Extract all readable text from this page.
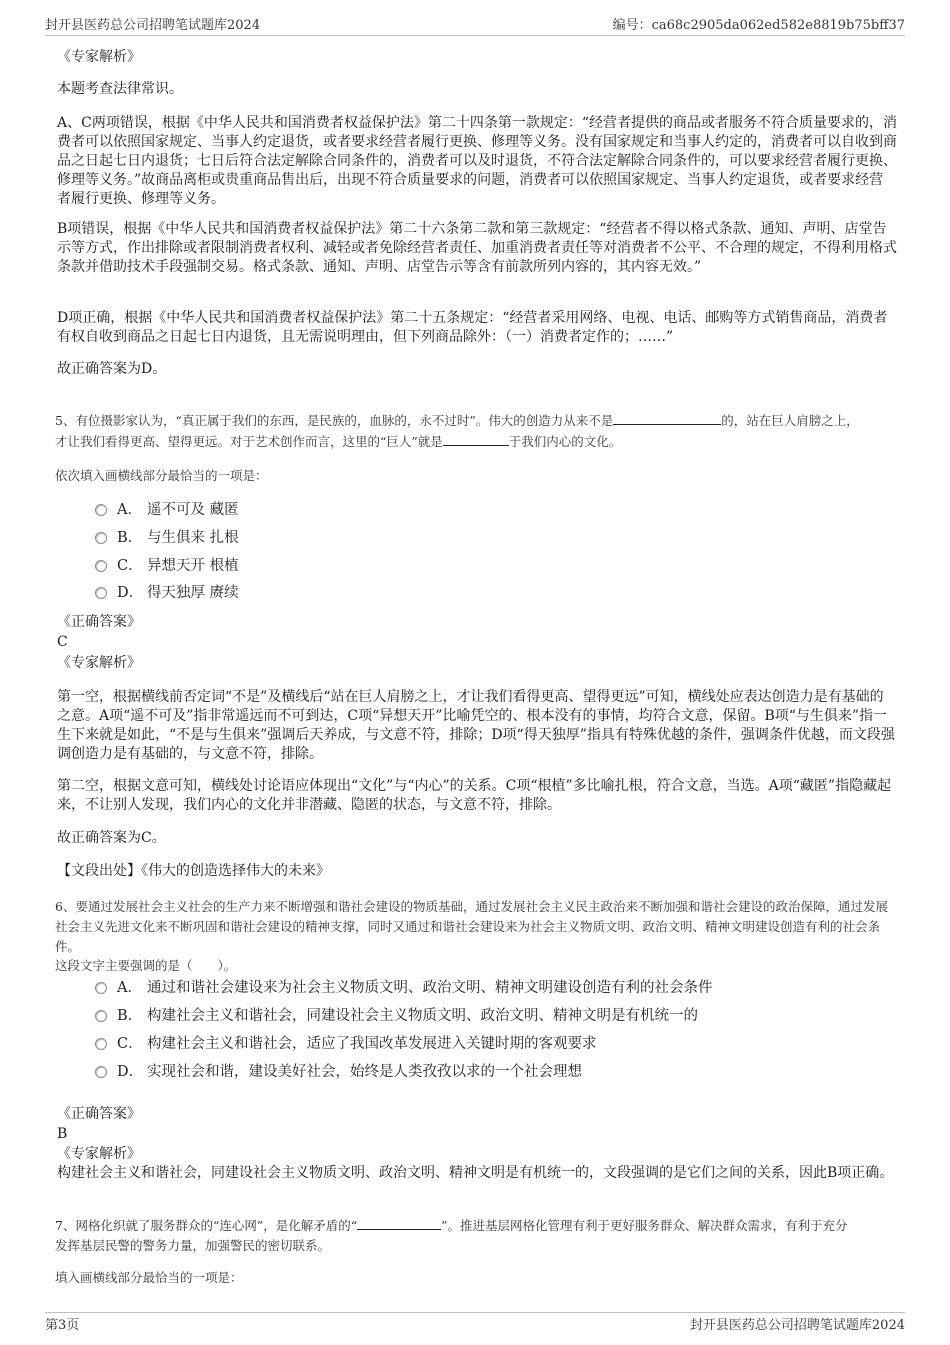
封开县医药总公司招聘笔试题库2024	编号：ca68c2905da062ed582e8819b75bff37
《专家解析》
本题考查法律常识。
A、C两项错误，根据《中华人民共和国消费者权益保护法》第二十四条第一款规定：“经营者提供的商品或者服务不符合质量要求的，消费者可以依照国家规定、当事人约定退货，或者要求经营者履行更换、修理等义务。没有国家规定和当事人约定的，消费者可以自收到商品之日起七日内退货；七日后符合法定解除合同条件的，消费者可以及时退货，不符合法定解除合同条件的，可以要求经营者履行更换、修理等义务。”故商品离柜或贵重商品售出后，出现不符合质量要求的问题，消费者可以依照国家规定、当事人约定退货，或者要求经营者履行更换、修理等义务。
B项错误，根据《中华人民共和国消费者权益保护法》第二十六条第二款和第三款规定：“经营者不得以格式条款、通知、声明、店堂告示等方式，作出排除或者限制消费者权利、减轻或者免除经营者责任、加重消费者责任等对消费者不公平、不合理的规定，不得利用格式条款并借助技术手段强制交易。格式条款、通知、声明、店堂告示等含有前款所列内容的，其内容无效。”
D项正确，根据《中华人民共和国消费者权益保护法》第二十五条规定：“经营者采用网络、电视、电话、邮购等方式销售商品，消费者有权自收到商品之日起七日内退货，且无需说明理由，但下列商品除外：（一）消费者定作的；……”
故正确答案为D。
5、有位摄影家认为，“真正属于我们的东西，是民族的，血脉的，永不过时”。伟大的创造力从来不是	的，站在巨人肩膀之上，
才让我们看得更高、望得更远。对于艺术创作而言，这里的“巨人”就是	于我们内心的文化。
依次填入画横线部分最恰当的一项是：
A． 遥不可及 藏匿
B． 与生俱来 扎根
C． 异想天开 根植
D． 得天独厚 赓续
《正确答案》
C
《专家解析》
第一空，根据横线前否定词“不是”及横线后“站在巨人肩膀之上，才让我们看得更高、望得更远”可知，横线处应表达创造力是有基础的之意。A项“遥不可及”指非常遥远而不可到达，C项“异想天开”比喻凭空的、根本没有的事情，均符合文意，保留。B项“与生俱来”指一生下来就是如此，“不是与生俱来”强调后天养成，与文意不符，排除；D项“得天独厚”指具有特殊优越的条件，强调条件优越，而文段强调创造力是有基础的，与文意不符，排除。
第二空，根据文意可知，横线处讨论语应体现出“文化”与“内心”的关系。C项“根植”多比喻扎根，符合文意，当选。A项“藏匿”指隐藏起来，不让别人发现，我们内心的文化并非潜藏、隐匿的状态，与文意不符，排除。
故正确答案为C。
【文段出处】《伟大的创造选择伟大的未来》
6、要通过发展社会主义社会的生产力来不断增强和谐社会建设的物质基础，通过发展社会主义民主政治来不断加强和谐社会建设的政治保障，通过发展社会主义先进文化来不断巩固和谐社会建设的精神支撑，同时又通过和谐社会建设来为社会主义物质文明、政治文明、精神文明建设创造有利的社会条件。
这段文字主要强调的是（　　）。
A． 通过和谐社会建设来为社会主义物质文明、政治文明、精神文明建设创造有利的社会条件
B． 构建社会主义和谐社会，同建设社会主义物质文明、政治文明、精神文明是有机统一的
C． 构建社会主义和谐社会，适应了我国改革发展进入关键时期的客观要求
D． 实现社会和谐，建设美好社会，始终是人类孜孜以求的一个社会理想
《正确答案》
B
《专家解析》
构建社会主义和谐社会，同建设社会主义物质文明、政治文明、精神文明是有机统一的，文段强调的是它们之间的关系，因此B项正确。
7、网格化织就了服务群众的“连心网”，是化解矛盾的“	”。推进基层网格化管理有利于更好服务群众、解决群众需求，有利于充分
发挥基层民警的警务力量，加强警民的密切联系。
填入画横线部分最恰当的一项是：
第3页	封开县医药总公司招聘笔试题库2024
